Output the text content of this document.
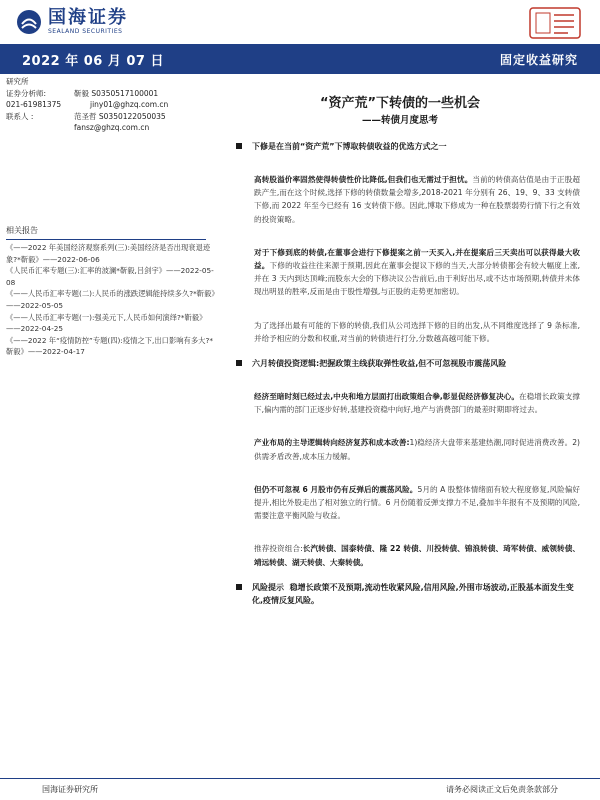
国海证券
SEALAND SECURITIES
2022 年 06 月 07 日	固定收益研究
研究所
证券分析师:	靳毅 S0350517100001
021-61981375	jiny01@ghzq.com.cn
联系人 :	范圣哲 S0350122050035
fansz@ghzq.com.cn
相关报告
《——2022 年美国经济观察系列(三):美国经济是否出现衰退迹象?*靳毅》——2022-06-06
《人民币汇率专题(三):汇率的波澜*靳毅,吕剑宇》——2022-05-08
《——人民币汇率专题(二):人民币的涨跌逻辑能持续多久?*靳毅》——2022-05-05
《——人民币汇率专题(一):强美元下,人民币如何演绎?*靳毅》——2022-04-25
《——2022 年“疫情防控”专题(四):疫情之下,出口影响有多大?*靳毅》——2022-04-17
“资产荒”下转债的一些机会
——转债月度思考
下修是在当前“资产荒”下博取转债收益的优选方式之一
高转股溢价率固然使得转债性价比降低,但我们也无需过于担忧。当前的转债高估值是由于正股超跌产生,而在这个时候,选择下修的转债数量会增多,2018-2021 年分别有 26、19、9、33 支转债下修,而 2022 年至今已经有 16 支转债下修。因此,博取下修成为一种在股票弱势行情下行之有效的投资策略。
对于下修到底的转债,在董事会进行下修提案之前一天买入,并在提案后三天卖出可以获得最大收益。下修的收益往往来源于预期,因此在董事会提议下修的当天,大部分转债都会有较大幅度上涨,并在 3 天内到达顶峰;而股东大会的下修决议公告前后,由于利好出尽,或不达市场预期,转债并未体现出明显的胜率,反而是由于股性增强,与正股的走势更加密切。
为了选择出最有可能的下修的转债,我们从公司选择下修的目的出发,从不同维度选择了 9 条标准,并给予相应的分数和权重,对当前的转债进行打分,分数越高越可能下修。
六月转债投资逻辑:把握政策主线获取弹性收益,但不可忽视股市震荡风险
经济至暗时刻已经过去,中央和地方层面打出政策组合拳,彰显促经济修复决心。在稳增长政策支撑下,偏内需的部门正逐步好转,基建投资稳中向好,地产与消费部门的最差时期即将过去。
产业布局的主导逻辑转向经济复苏和成本改善:1)稳经济大盘带来基建热潮,同时促进消费改善。2)供需矛盾改善,成本压力缓解。
但仍不可忽视 6 月股市仍有反弹后的震荡风险。5月的 A 股整体情绪面有较大程度修复,风险偏好提升,相比外股走出了相对独立的行情。6 月份随着反弹支撑力不足,叠加半年报有不及预期的风险,需要注意平衡风险与收益。
推荐投资组合:长汽转债、国泰转债、隆 22 转债、川投转债、锦浪转债、琦军转债、威领转债、靖远转债、湖天转债、大秦转债。
风险提示 稳增长政策不及预期,流动性收紧风险,信用风险,外围市场波动,正股基本面发生变化,疫情反复风险。
国海证券研究所	请务必阅读正文后免责条款部分
